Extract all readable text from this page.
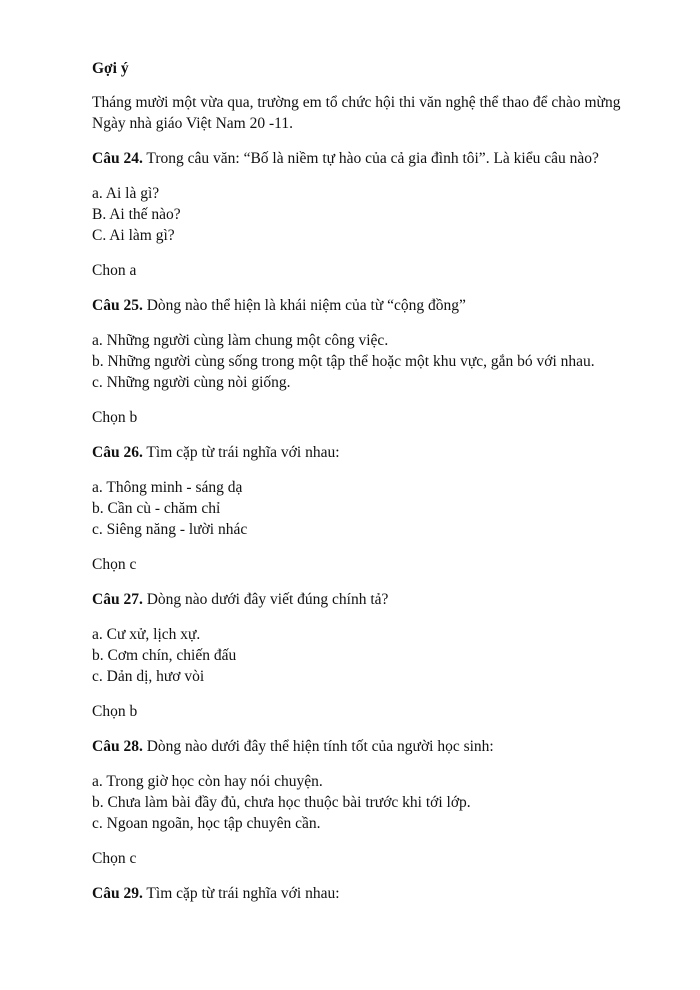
Gợi ý

Tháng mười một vừa qua, trường em tổ chức hội thi văn nghệ thể thao để chào mừng Ngày nhà giáo Việt Nam 20 -11.

Câu 24. Trong câu văn: “Bố là niềm tự hào của cả gia đình tôi”. Là kiểu câu nào?

a. Ai là gì?
B. Ai thế nào?
C. Ai làm gì?

Chon a

Câu 25. Dòng nào thể hiện là khái niệm của từ “cộng đồng”

a. Những người cùng làm chung một công việc.
b. Những người cùng sống trong một tập thể hoặc một khu vực, gắn bó với nhau.
c. Những người cùng nòi giống.

Chọn b

Câu 26. Tìm cặp từ trái nghĩa với nhau:

a. Thông minh - sáng dạ
b. Cần cù - chăm chỉ
c. Siêng năng - lười nhác

Chọn c

Câu 27. Dòng nào dưới đây viết đúng chính tả?

a. Cư xử, lịch xự.
b. Cơm chín, chiến đấu
c. Dản dị, hươ vòi

Chọn b

Câu 28. Dòng nào dưới đây thể hiện tính tốt của người học sinh:

a. Trong giờ học còn hay nói chuyện.
b. Chưa làm bài đầy đủ, chưa học thuộc bài trước khi tới lớp.
c. Ngoan ngoãn, học tập chuyên cần.

Chọn c

Câu 29. Tìm cặp từ trái nghĩa với nhau:
